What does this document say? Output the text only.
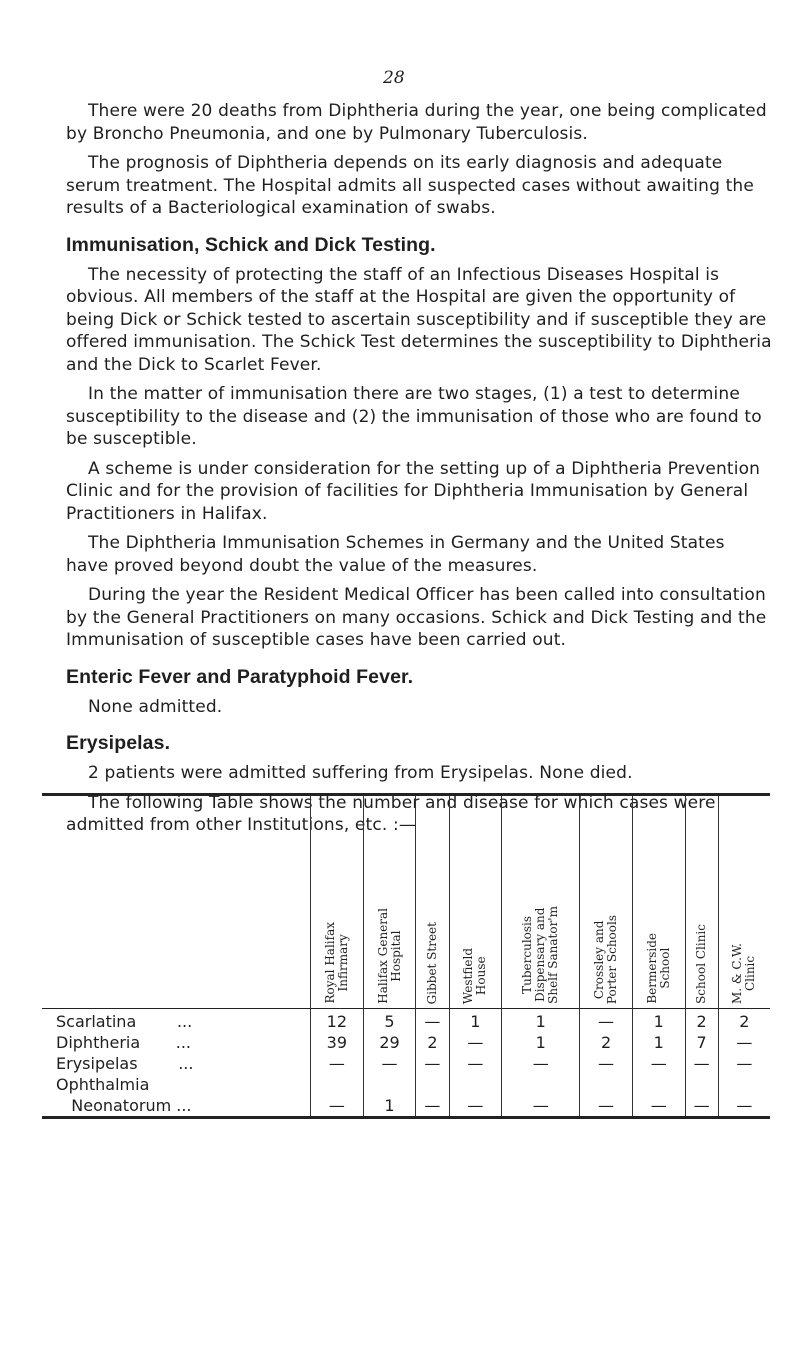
28

There were 20 deaths from Diphtheria during the year, one being complicated by Broncho Pneumonia, and one by Pulmonary Tuberculosis.

The prognosis of Diphtheria depends on its early diagnosis and adequate serum treatment. The Hospital admits all suspected cases without awaiting the results of a Bacteriological examination of swabs.

Immunisation, Schick and Dick Testing.

The necessity of protecting the staff of an Infectious Diseases Hospital is obvious. All members of the staff at the Hospital are given the opportunity of being Dick or Schick tested to ascertain susceptibility and if susceptible they are offered immunisation. The Schick Test determines the susceptibility to Diphtheria and the Dick to Scarlet Fever.

In the matter of immunisation there are two stages, (1) a test to determine susceptibility to the disease and (2) the immunisation of those who are found to be susceptible.

A scheme is under consideration for the setting up of a Diphtheria Prevention Clinic and for the provision of facilities for Diphtheria Immunisation by General Practitioners in Halifax.

The Diphtheria Immunisation Schemes in Germany and the United States have proved beyond doubt the value of the measures.

During the year the Resident Medical Officer has been called into consultation by the General Practitioners on many occasions. Schick and Dick Testing and the Immunisation of susceptible cases have been carried out.

Enteric Fever and Paratyphoid Fever.

None admitted.

Erysipelas.

2 patients were admitted suffering from Erysipelas. None died.

The following Table shows the number and disease for which cases were admitted from other Institutions, etc. :—

	Royal Halifax
Infirmary	Halifax General
Hospital	Gibbet Street	Westfield
House	Tuberculosis
Dispensary and
Shelf Sanator'm	Crossley and
Porter Schools	Bermerside
School	School Clinic	M. & C.W.
Clinic

Scarlatina        ...	12	5	—	1	1	—	1	2	2
Diphtheria       ...	39	29	2	—	1	2	1	7	—
Erysipelas        ...	—	—	—	—	—	—	—	—	—
Ophthalmia									
Neonatorum ...	—	1	—	—	—	—	—	—	—
